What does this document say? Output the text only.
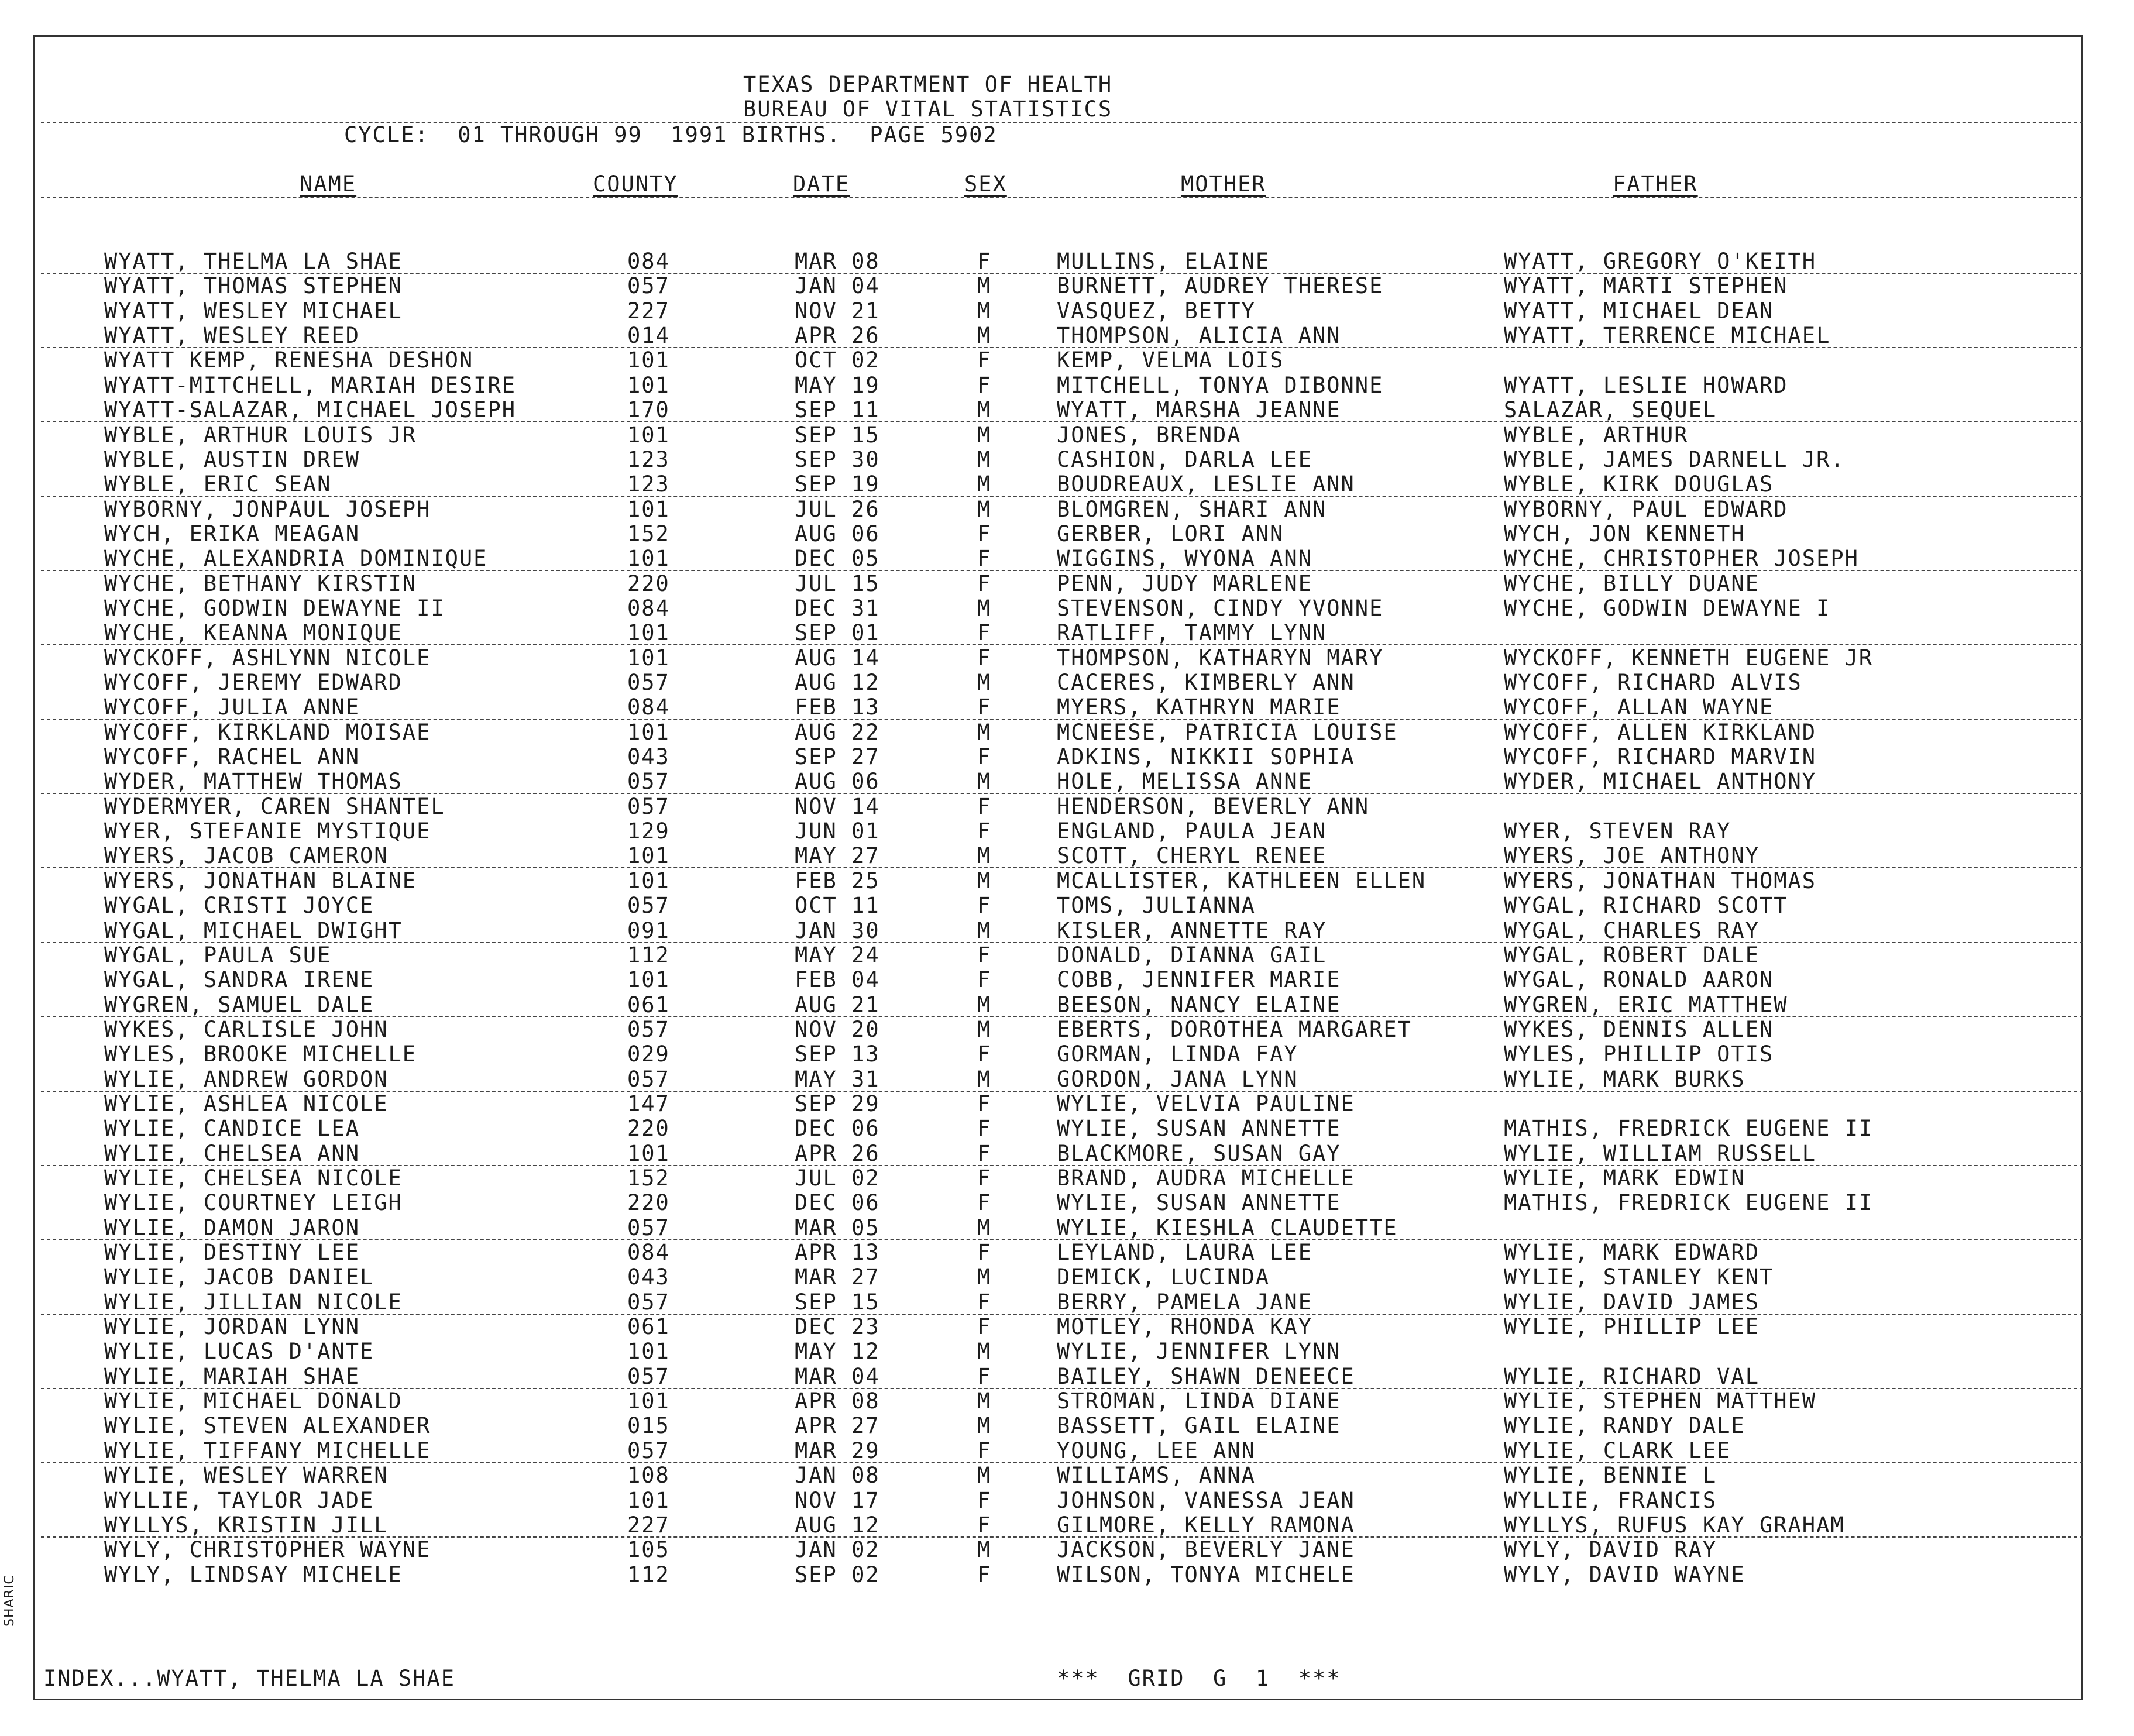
TEXAS DEPARTMENT OF HEALTH
BUREAU OF VITAL STATISTICS
CYCLE:  01 THROUGH 99  1991 BIRTHS.  PAGE 5902
NAME	COUNTY	DATE	SEX	MOTHER	FATHER
WYATT, THELMA LA SHAE	084	MAR 08	F	MULLINS, ELAINE	WYATT, GREGORY O'KEITH
WYATT, THOMAS STEPHEN	057	JAN 04	M	BURNETT, AUDREY THERESE	WYATT, MARTI STEPHEN
WYATT, WESLEY MICHAEL	227	NOV 21	M	VASQUEZ, BETTY	WYATT, MICHAEL DEAN
WYATT, WESLEY REED	014	APR 26	M	THOMPSON, ALICIA ANN	WYATT, TERRENCE MICHAEL
WYATT KEMP, RENESHA DESHON	101	OCT 02	F	KEMP, VELMA LOIS
WYATT-MITCHELL, MARIAH DESIRE	101	MAY 19	F	MITCHELL, TONYA DIBONNE	WYATT, LESLIE HOWARD
WYATT-SALAZAR, MICHAEL JOSEPH	170	SEP 11	M	WYATT, MARSHA JEANNE	SALAZAR, SEQUEL
WYBLE, ARTHUR LOUIS JR	101	SEP 15	M	JONES, BRENDA	WYBLE, ARTHUR
WYBLE, AUSTIN DREW	123	SEP 30	M	CASHION, DARLA LEE	WYBLE, JAMES DARNELL JR.
WYBLE, ERIC SEAN	123	SEP 19	M	BOUDREAUX, LESLIE ANN	WYBLE, KIRK DOUGLAS
WYBORNY, JONPAUL JOSEPH	101	JUL 26	M	BLOMGREN, SHARI ANN	WYBORNY, PAUL EDWARD
WYCH, ERIKA MEAGAN	152	AUG 06	F	GERBER, LORI ANN	WYCH, JON KENNETH
WYCHE, ALEXANDRIA DOMINIQUE	101	DEC 05	F	WIGGINS, WYONA ANN	WYCHE, CHRISTOPHER JOSEPH
WYCHE, BETHANY KIRSTIN	220	JUL 15	F	PENN, JUDY MARLENE	WYCHE, BILLY DUANE
WYCHE, GODWIN DEWAYNE II	084	DEC 31	M	STEVENSON, CINDY YVONNE	WYCHE, GODWIN DEWAYNE I
WYCHE, KEANNA MONIQUE	101	SEP 01	F	RATLIFF, TAMMY LYNN
WYCKOFF, ASHLYNN NICOLE	101	AUG 14	F	THOMPSON, KATHARYN MARY	WYCKOFF, KENNETH EUGENE JR
WYCOFF, JEREMY EDWARD	057	AUG 12	M	CACERES, KIMBERLY ANN	WYCOFF, RICHARD ALVIS
WYCOFF, JULIA ANNE	084	FEB 13	F	MYERS, KATHRYN MARIE	WYCOFF, ALLAN WAYNE
WYCOFF, KIRKLAND MOISAE	101	AUG 22	M	MCNEESE, PATRICIA LOUISE	WYCOFF, ALLEN KIRKLAND
WYCOFF, RACHEL ANN	043	SEP 27	F	ADKINS, NIKKII SOPHIA	WYCOFF, RICHARD MARVIN
WYDER, MATTHEW THOMAS	057	AUG 06	M	HOLE, MELISSA ANNE	WYDER, MICHAEL ANTHONY
WYDERMYER, CAREN SHANTEL	057	NOV 14	F	HENDERSON, BEVERLY ANN
WYER, STEFANIE MYSTIQUE	129	JUN 01	F	ENGLAND, PAULA JEAN	WYER, STEVEN RAY
WYERS, JACOB CAMERON	101	MAY 27	M	SCOTT, CHERYL RENEE	WYERS, JOE ANTHONY
WYERS, JONATHAN BLAINE	101	FEB 25	M	MCALLISTER, KATHLEEN ELLEN	WYERS, JONATHAN THOMAS
WYGAL, CRISTI JOYCE	057	OCT 11	F	TOMS, JULIANNA	WYGAL, RICHARD SCOTT
WYGAL, MICHAEL DWIGHT	091	JAN 30	M	KISLER, ANNETTE RAY	WYGAL, CHARLES RAY
WYGAL, PAULA SUE	112	MAY 24	F	DONALD, DIANNA GAIL	WYGAL, ROBERT DALE
WYGAL, SANDRA IRENE	101	FEB 04	F	COBB, JENNIFER MARIE	WYGAL, RONALD AARON
WYGREN, SAMUEL DALE	061	AUG 21	M	BEESON, NANCY ELAINE	WYGREN, ERIC MATTHEW
WYKES, CARLISLE JOHN	057	NOV 20	M	EBERTS, DOROTHEA MARGARET	WYKES, DENNIS ALLEN
WYLES, BROOKE MICHELLE	029	SEP 13	F	GORMAN, LINDA FAY	WYLES, PHILLIP OTIS
WYLIE, ANDREW GORDON	057	MAY 31	M	GORDON, JANA LYNN	WYLIE, MARK BURKS
WYLIE, ASHLEA NICOLE	147	SEP 29	F	WYLIE, VELVIA PAULINE
WYLIE, CANDICE LEA	220	DEC 06	F	WYLIE, SUSAN ANNETTE	MATHIS, FREDRICK EUGENE II
WYLIE, CHELSEA ANN	101	APR 26	F	BLACKMORE, SUSAN GAY	WYLIE, WILLIAM RUSSELL
WYLIE, CHELSEA NICOLE	152	JUL 02	F	BRAND, AUDRA MICHELLE	WYLIE, MARK EDWIN
WYLIE, COURTNEY LEIGH	220	DEC 06	F	WYLIE, SUSAN ANNETTE	MATHIS, FREDRICK EUGENE II
WYLIE, DAMON JARON	057	MAR 05	M	WYLIE, KIESHLA CLAUDETTE
WYLIE, DESTINY LEE	084	APR 13	F	LEYLAND, LAURA LEE	WYLIE, MARK EDWARD
WYLIE, JACOB DANIEL	043	MAR 27	M	DEMICK, LUCINDA	WYLIE, STANLEY KENT
WYLIE, JILLIAN NICOLE	057	SEP 15	F	BERRY, PAMELA JANE	WYLIE, DAVID JAMES
WYLIE, JORDAN LYNN	061	DEC 23	F	MOTLEY, RHONDA KAY	WYLIE, PHILLIP LEE
WYLIE, LUCAS D'ANTE	101	MAY 12	M	WYLIE, JENNIFER LYNN
WYLIE, MARIAH SHAE	057	MAR 04	F	BAILEY, SHAWN DENEECE	WYLIE, RICHARD VAL
WYLIE, MICHAEL DONALD	101	APR 08	M	STROMAN, LINDA DIANE	WYLIE, STEPHEN MATTHEW
WYLIE, STEVEN ALEXANDER	015	APR 27	M	BASSETT, GAIL ELAINE	WYLIE, RANDY DALE
WYLIE, TIFFANY MICHELLE	057	MAR 29	F	YOUNG, LEE ANN	WYLIE, CLARK LEE
WYLIE, WESLEY WARREN	108	JAN 08	M	WILLIAMS, ANNA	WYLIE, BENNIE L
WYLLIE, TAYLOR JADE	101	NOV 17	F	JOHNSON, VANESSA JEAN	WYLLIE, FRANCIS
WYLLYS, KRISTIN JILL	227	AUG 12	F	GILMORE, KELLY RAMONA	WYLLYS, RUFUS KAY GRAHAM
WYLY, CHRISTOPHER WAYNE	105	JAN 02	M	JACKSON, BEVERLY JANE	WYLY, DAVID RAY
WYLY, LINDSAY MICHELE	112	SEP 02	F	WILSON, TONYA MICHELE	WYLY, DAVID WAYNE
INDEX...WYATT, THELMA LA SHAE	***  GRID  G  1  ***
SHARIC
